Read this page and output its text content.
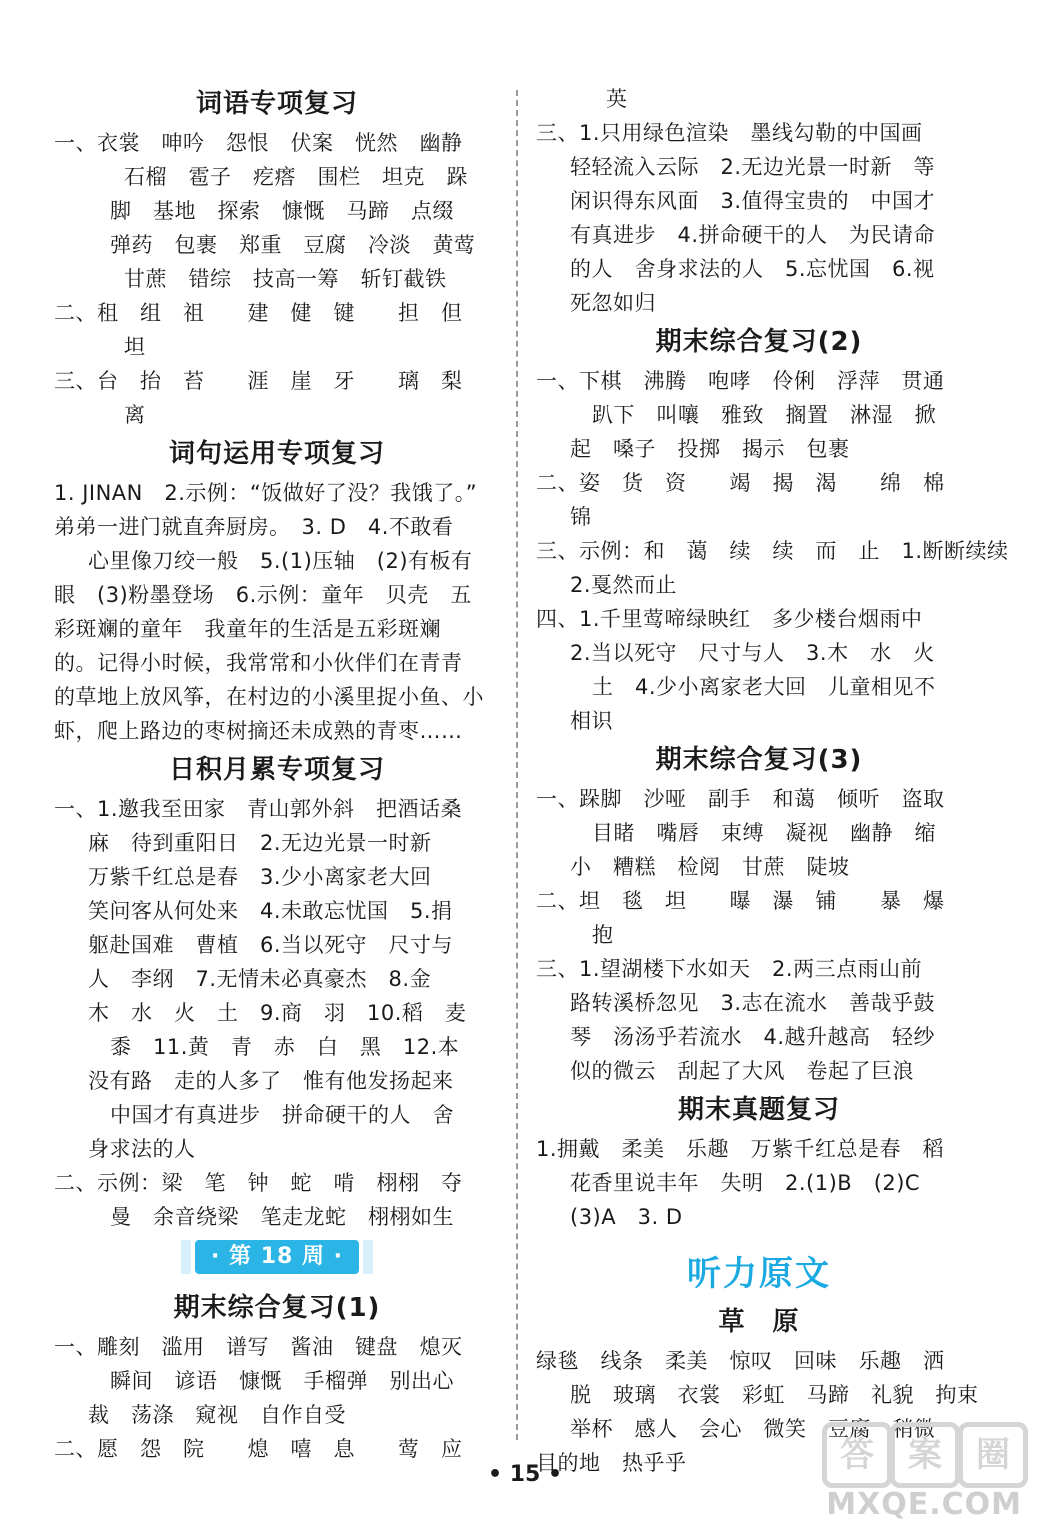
词语专项复习
一、衣裳　呻吟　怨恨　伏案　恍然　幽静
石榴　雹子　疙瘩　围栏　坦克　跺
脚　基地　探索　慷慨　马蹄　点缀
弹药　包裹　郑重　豆腐　冷淡　黄莺
甘蔗　错综　技高一筹　斩钉截铁
二、租　组　祖　　建　健　键　　担　但
坦
三、台　抬　苔　　涯　崖　牙　　璃　梨
离
词句运用专项复习
1. JINAN　2.示例：“饭做好了没？我饿了。”
弟弟一进门就直奔厨房。　3. D　4.不敢看
心里像刀绞一般　5.(1)压轴　(2)有板有
眼　(3)粉墨登场　6.示例：童年　贝壳　五
彩斑斓的童年　我童年的生活是五彩斑斓
的。记得小时候，我常常和小伙伴们在青青
的草地上放风筝，在村边的小溪里捉小鱼、小
虾，爬上路边的枣树摘还未成熟的青枣……
日积月累专项复习
一、1.邀我至田家　青山郭外斜　把酒话桑
麻　待到重阳日　2.无边光景一时新
万紫千红总是春　3.少小离家老大回
笑问客从何处来　4.未敢忘忧国　5.捐
躯赴国难　曹植　6.当以死守　尺寸与
人　李纲　7.无情未必真豪杰　8.金
木　水　火　土　9.商　羽　10.稻　麦
黍　11.黄　青　赤　白　黑　12.本
没有路　走的人多了　惟有他发扬起来
中国才有真进步　拼命硬干的人　舍
身求法的人
二、示例：梁　笔　钟　蛇　啃　栩栩　夺
曼　余音绕梁　笔走龙蛇　栩栩如生
· 第 18 周 ·
期末综合复习(1)
一、雕刻　滥用　谱写　酱油　键盘　熄灭
瞬间　谚语　慷慨　手榴弹　别出心
裁　荡涤　窥视　自作自受
二、愿　怨　院　　熄　嘻　息　　莺　应
英
三、1.只用绿色渲染　墨线勾勒的中国画
轻轻流入云际　2.无边光景一时新　等
闲识得东风面　3.值得宝贵的　中国才
有真进步　4.拼命硬干的人　为民请命
的人　舍身求法的人　5.忘忧国　6.视
死忽如归
期末综合复习(2)
一、下棋　沸腾　咆哮　伶俐　浮萍　贯通
趴下　叫嚷　雅致　搁置　淋湿　掀
起　嗓子　投掷　揭示　包裹
二、姿　货　资　　竭　揭　渴　　绵　棉
锦
三、示例：和　蔼　续　续　而　止　1.断断续续
2.戛然而止
四、1.千里莺啼绿映红　多少楼台烟雨中
2.当以死守　尺寸与人　3.木　水　火
土　4.少小离家老大回　儿童相见不
相识
期末综合复习(3)
一、跺脚　沙哑　副手　和蔼　倾听　盗取
目睹　嘴唇　束缚　凝视　幽静　缩
小　糟糕　检阅　甘蔗　陡坡
二、坦　毯　坦　　曝　瀑　铺　　暴　爆
抱
三、1.望湖楼下水如天　2.两三点雨山前
路转溪桥忽见　3.志在流水　善哉乎鼓
琴　汤汤乎若流水　4.越升越高　轻纱
似的微云　刮起了大风　卷起了巨浪
期末真题复习
1.拥戴　柔美　乐趣　万紫千红总是春　稻
花香里说丰年　失明　2.(1)B　(2)C
(3)A　3. D
听力原文
草　原
绿毯　线条　柔美　惊叹　回味　乐趣　洒
脱　玻璃　衣裳　彩虹　马蹄　礼貌　拘束
举杯　感人　会心　微笑　豆腐　稍微
目的地　热乎乎
• 15 •	答	案	圈
MXQE.COM
